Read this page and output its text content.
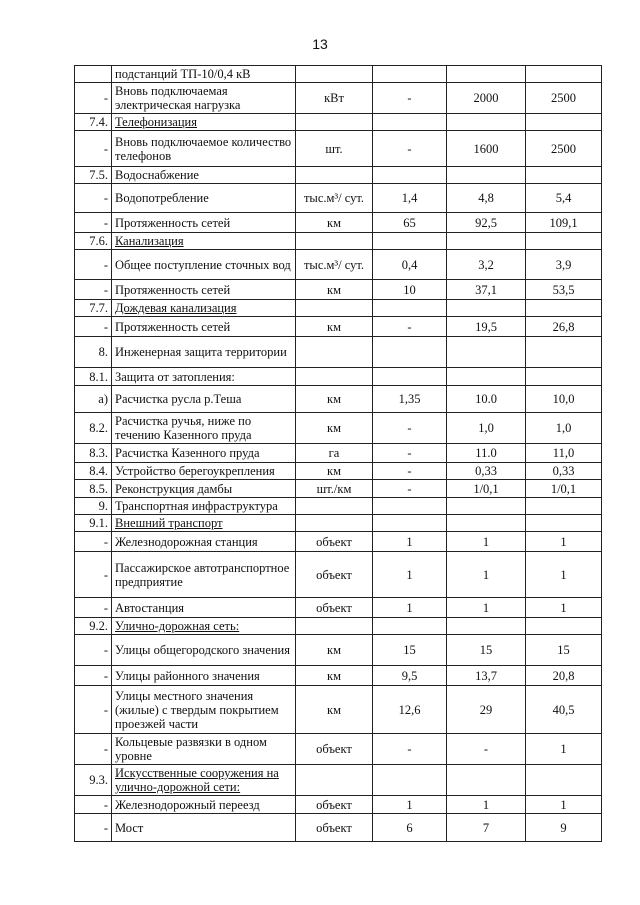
13
	подстанций ТП-10/0,4 кВ				
-	Вновь подключаемая электрическая нагрузка	кВт	-	2000	2500
7.4.	Телефонизация				
-	Вновь подключаемое количество телефонов	шт.	-	1600	2500
7.5.	Водоснабжение				
-	Водопотребление	тыс.м³/ сут.	1,4	4,8	5,4
-	Протяженность сетей	км	65	92,5	109,1
7.6.	Канализация				
-	Общее поступление сточных вод	тыс.м³/ сут.	0,4	3,2	3,9
-	Протяженность сетей	км	10	37,1	53,5
7.7.	Дождевая канализация				
-	Протяженность сетей	км	-	19,5	26,8
8.	Инженерная защита территории				
8.1.	Защита от затопления:				
а)	Расчистка русла р.Теша	км	1,35	10.0	10,0
8.2.	Расчистка ручья, ниже по течению Казенного пруда	км	-	1,0	1,0
8.3.	Расчистка Казенного пруда	га	-	11.0	11,0
8.4.	Устройство берегоукрепления	км	-	0,33	0,33
8.5.	Реконструкция дамбы	шт./км	-	1/0,1	1/0,1
9.	Транспортная инфраструктура				
9.1.	Внешний транспорт				
-	Железнодорожная станция	объект	1	1	1
-	Пассажирское автотранспортное предприятие	объект	1	1	1
-	Автостанция	объект	1	1	1
9.2.	Улично-дорожная сеть:				
-	Улицы общегородского значения	км	15	15	15
-	Улицы районного значения	км	9,5	13,7	20,8
-	Улицы местного значения (жилые) с твердым покрытием проезжей части	км	12,6	29	40,5
-	Кольцевые развязки в одном уровне	объект	-	-	1
9.3.	Искусственные сооружения на улично-дорожной сети:				
-	Железнодорожный переезд	объект	1	1	1
-	Мост	объект	6	7	9
